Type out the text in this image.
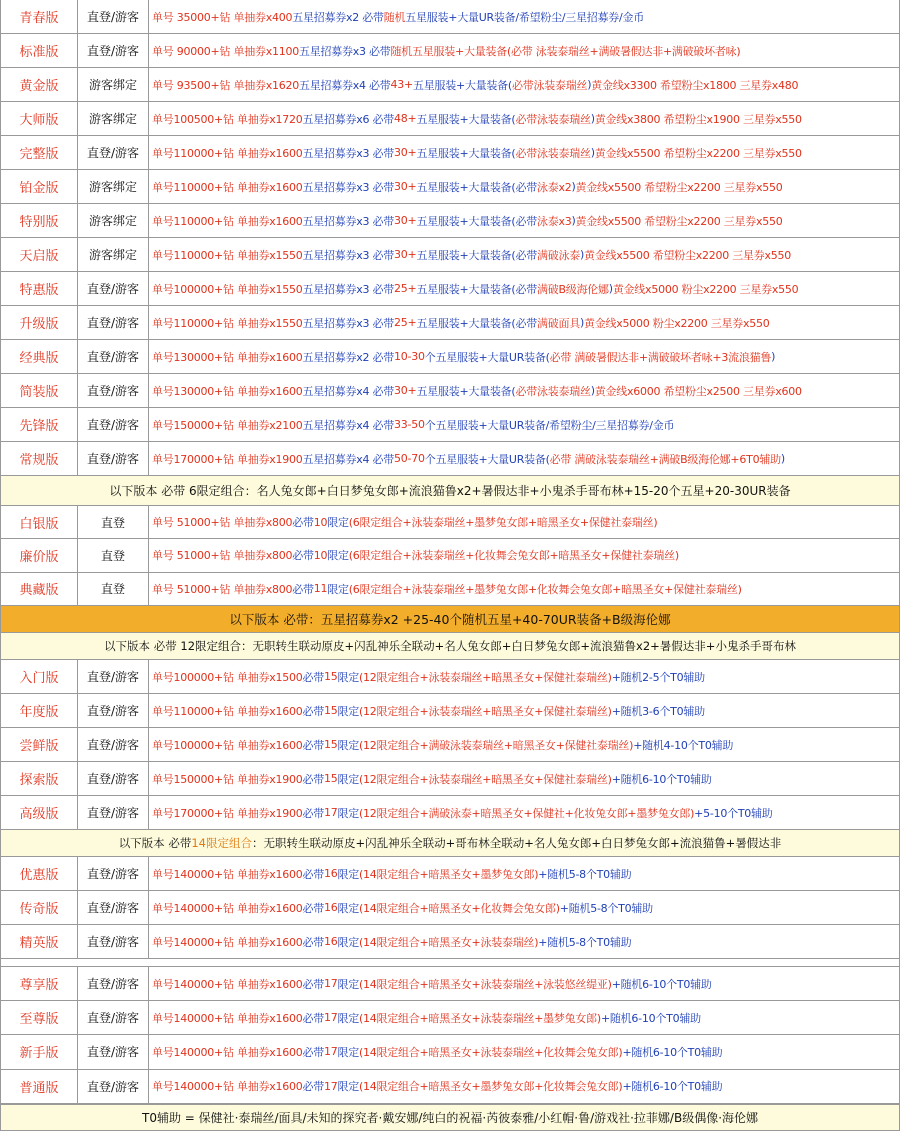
青春版	直登/游客	单号 35000+钻 单抽券x400 五星招募券x2 必带 随机 五星服装+大量UR装备/希望粉尘/三星招募券/金币
标准版	直登/游客	单号 90000+钻 单抽券x1100 五星招募券x3 必带 随机五星服装+大量装备(必带 泳装泰瑞丝+满破暑假达非+满破破坏者咏)
黄金版	游客绑定	单号 93500+钻 单抽券x1620 五星招募券x4 必带 43+ 五星服装+大量装备( 必带泳装泰瑞丝 ) 黄金线x3300 希望粉尘x1800 三星券x480
大师版	游客绑定	单号100500+钻 单抽券x1720 五星招募券x6 必带 48+ 五星服装+大量装备( 必带泳装泰瑞丝 ) 黄金线x3800 希望粉尘x1900 三星券x550
完整版	直登/游客	单号110000+钻 单抽券x1600 五星招募券x3 必带 30+ 五星服装+大量装备( 必带泳装泰瑞丝 ) 黄金线x5500 希望粉尘x2200 三星券x550
铂金版	游客绑定	单号110000+钻 单抽券x1600 五星招募券x3 必带 30+ 五星服装+大量装备(必带 泳泰x2 ) 黄金线x5500 希望粉尘x2200 三星券x550
特别版	游客绑定	单号110000+钻 单抽券x1600 五星招募券x3 必带 30+ 五星服装+大量装备(必带 泳泰x3 ) 黄金线x5500 希望粉尘x2200 三星券x550
天启版	游客绑定	单号110000+钻 单抽券x1550 五星招募券x3 必带 30+ 五星服装+大量装备(必带 满破泳泰 ) 黄金线x5500 希望粉尘x2200 三星券x550
特惠版	直登/游客	单号100000+钻 单抽券x1550 五星招募券x3 必带 25+ 五星服装+大量装备(必带 满破B级海伦娜 ) 黄金线x5000 粉尘x2200 三星券x550
升级版	直登/游客	单号110000+钻 单抽券x1550 五星招募券x3 必带 25+ 五星服装+大量装备(必带 满破面具 ) 黄金线x5000 粉尘x2200 三星券x550
经典版	直登/游客	单号130000+钻 单抽券x1600 五星招募券x2 必带 10-30 个五星服装+大量UR装备( 必带 满破暑假达非+满破破坏者咏+3流浪猫鲁 )
简装版	直登/游客	单号130000+钻 单抽券x1600 五星招募券x4 必带 30+ 五星服装+大量装备( 必带泳装泰瑞丝 ) 黄金线x6000 希望粉尘x2500 三星券x600
先锋版	直登/游客	单号150000+钻 单抽券x2100 五星招募券x4 必带 33-50 个五星服装+大量UR装备/希望粉尘/三星招募券/金币
常规版	直登/游客	单号170000+钻 单抽券x1900 五星招募券x4 必带 50-70 个五星服装+大量UR装备( 必带 满破泳装泰瑞丝+满破B级海伦娜+6T0辅助 )
以下版本 必带 6限定组合：名人兔女郎+白日梦兔女郎+流浪猫鲁x2+暑假达非+小鬼杀手哥布林+15-20个五星+20-30UR装备
白银版	直登	单号 51000+钻 单抽券x800 必带 10 限定 (6限定组合+泳装泰瑞丝+墨梦兔女郎+暗黑圣女+保健社泰瑞丝)
廉价版	直登	单号 51000+钻 单抽券x800 必带 10 限定 (6限定组合+泳装泰瑞丝+化妆舞会兔女郎+暗黑圣女+保健社泰瑞丝)
典藏版	直登	单号 51000+钻 单抽券x800 必带 11 限定 (6限定组合+泳装泰瑞丝+墨梦兔女郎+化妆舞会兔女郎+暗黑圣女+保健社泰瑞丝)
以下版本 必带：五星招募券x2 +25-40个随机五星+40-70UR装备+B级海伦娜
以下版本 必带 12限定组合：无职转生联动原皮+闪乱神乐全联动+名人兔女郎+白日梦兔女郎+流浪猫鲁x2+暑假达非+小鬼杀手哥布林
入门版	直登/游客	单号100000+钻 单抽券x1500 必带 15 限定 (12限定组合+泳装泰瑞丝+暗黑圣女+保健社泰瑞丝) +随机2-5个T0辅助
年度版	直登/游客	单号110000+钻 单抽券x1600 必带 15 限定 (12限定组合+泳装泰瑞丝+暗黑圣女+保健社泰瑞丝) +随机3-6个T0辅助
尝鲜版	直登/游客	单号100000+钻 单抽券x1600 必带 15 限定 (12限定组合+满破泳装泰瑞丝+暗黑圣女+保健社泰瑞丝) +随机4-10个T0辅助
探索版	直登/游客	单号150000+钻 单抽券x1900 必带 15 限定 (12限定组合+泳装泰瑞丝+暗黑圣女+保健社泰瑞丝) +随机6-10个T0辅助
高级版	直登/游客	单号170000+钻 单抽券x1900 必带 17 限定 (12限定组合+满破泳泰+暗黑圣女+保健社+化妆兔女郎+墨梦兔女郎) +5-10个T0辅助
以下版本 必带 14限定组合 ：无职转生联动原皮+闪乱神乐全联动+哥布林全联动+名人兔女郎+白日梦兔女郎+流浪猫鲁+暑假达非
优惠版	直登/游客	单号140000+钻 单抽券x1600 必带 16 限定 (14限定组合+暗黑圣女+墨梦兔女郎) +随机5-8个T0辅助
传奇版	直登/游客	单号140000+钻 单抽券x1600 必带 16 限定 (14限定组合+暗黑圣女+化妆舞会兔女郎) +随机5-8个T0辅助
精英版	直登/游客	单号140000+钻 单抽券x1600 必带 16 限定 (14限定组合+暗黑圣女+泳装泰瑞丝) +随机5-8个T0辅助
尊享版	直登/游客	单号140000+钻 单抽券x1600 必带 17 限定 (14限定组合+暗黑圣女+泳装泰瑞丝+泳装悠丝缇亚) +随机6-10个T0辅助
至尊版	直登/游客	单号140000+钻 单抽券x1600 必带 17 限定 (14限定组合+暗黑圣女+泳装泰瑞丝+墨梦兔女郎) +随机6-10个T0辅助
新手版	直登/游客	单号140000+钻 单抽券x1600 必带 17 限定 (14限定组合+暗黑圣女+泳装泰瑞丝+化妆舞会兔女郎) +随机6-10个T0辅助
普通版	直登/游客	单号140000+钻 单抽券x1600 必带 17 限定 (14限定组合+暗黑圣女+墨梦兔女郎+化妆舞会兔女郎) +随机6-10个T0辅助
T0辅助 = 保健社·泰瑞丝/面具/未知的探究者·戴安娜/纯白的祝福·芮彼泰雅/小红帽·鲁/游戏社·拉菲娜/B级偶像·海伦娜
